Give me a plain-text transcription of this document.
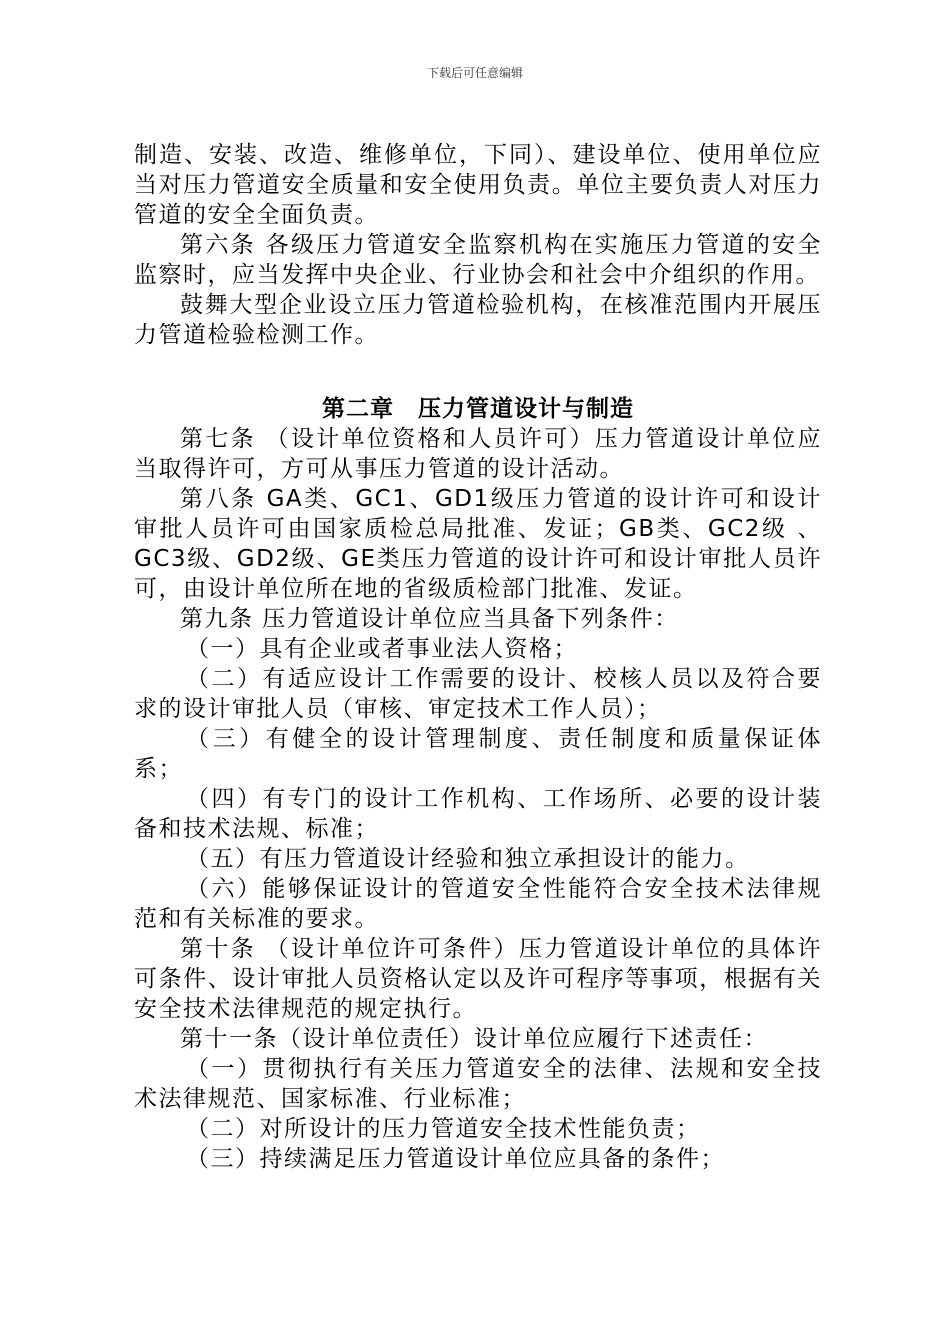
下载后可任意编辑

制造、安装、改造、维修单位，下同）、建设单位、使用单位应当对压力管道安全质量和安全使用负责。单位主要负责人对压力管道的安全全面负责。

第六条 各级压力管道安全监察机构在实施压力管道的安全监察时，应当发挥中央企业、行业协会和社会中介组织的作用。

鼓舞大型企业设立压力管道检验机构，在核准范围内开展压力管道检验检测工作。

第二章　压力管道设计与制造

第七条 （设计单位资格和人员许可）压力管道设计单位应当取得许可，方可从事压力管道的设计活动。

第八条 GA类、GC1、GD1级压力管道的设计许可和设计审批人员许可由国家质检总局批准、发证；GB类、GC2级 、GC3级、GD2级、GE类压力管道的设计许可和设计审批人员许可，由设计单位所在地的省级质检部门批准、发证。

第九条 压力管道设计单位应当具备下列条件：

（一）具有企业或者事业法人资格；

（二）有适应设计工作需要的设计、校核人员以及符合要求的设计审批人员（审核、审定技术工作人员）；

（三）有健全的设计管理制度、责任制度和质量保证体系；

（四）有专门的设计工作机构、工作场所、必要的设计装备和技术法规、标准；

（五）有压力管道设计经验和独立承担设计的能力。

（六）能够保证设计的管道安全性能符合安全技术法律规范和有关标准的要求。

第十条 （设计单位许可条件）压力管道设计单位的具体许可条件、设计审批人员资格认定以及许可程序等事项，根据有关安全技术法律规范的规定执行。

第十一条（设计单位责任）设计单位应履行下述责任：

（一）贯彻执行有关压力管道安全的法律、法规和安全技术法律规范、国家标准、行业标准；

（二）对所设计的压力管道安全技术性能负责；

（三）持续满足压力管道设计单位应具备的条件；
